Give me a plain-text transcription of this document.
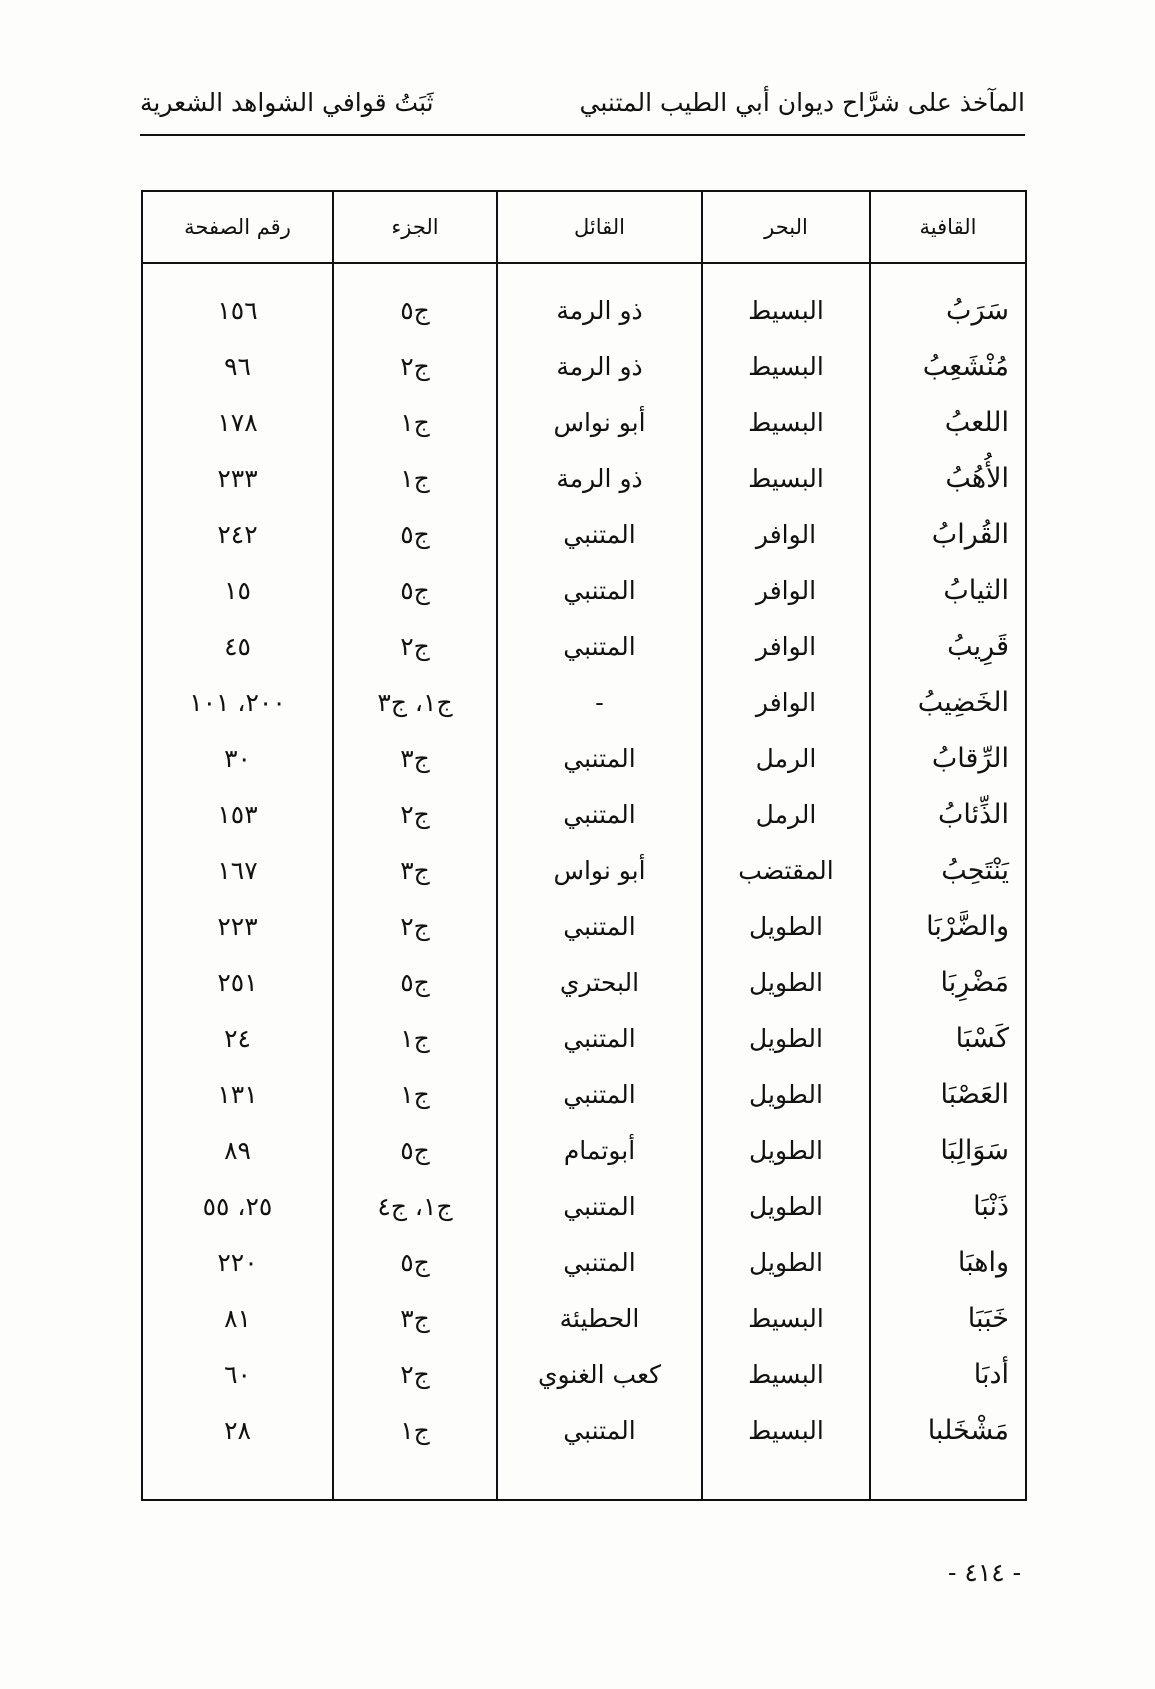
المآخذ على شرَّاح ديوان أبي الطيب المتنبي
ثَبَتُ قوافي الشواهد الشعرية
القافية	البحر	القائل	الجزء	رقم الصفحة

سَرَبُ	البسيط	ذو الرمة	ج٥	١٥٦
مُنْشَعِبُ	البسيط	ذو الرمة	ج٢	٩٦
اللعبُ	البسيط	أبو نواس	ج١	١٧٨
الأُهُبُ	البسيط	ذو الرمة	ج١	٢٣٣
القُرابُ	الوافر	المتنبي	ج٥	٢٤٢
الثيابُ	الوافر	المتنبي	ج٥	١٥
قَرِيبُ	الوافر	المتنبي	ج٢	٤٥
الخَضِيبُ	الوافر	-	ج١، ج٣	٢٠٠، ١٠١
الرِّقابُ	الرمل	المتنبي	ج٣	٣٠
الذِّئابُ	الرمل	المتنبي	ج٢	١٥٣
يَنْتَحِبُ	المقتضب	أبو نواس	ج٣	١٦٧
والضَّرْبَا	الطويل	المتنبي	ج٢	٢٢٣
مَضْرِبَا	الطويل	البحتري	ج٥	٢٥١
كَسْبَا	الطويل	المتنبي	ج١	٢٤
العَصْبَا	الطويل	المتنبي	ج١	١٣١
سَوَالِبَا	الطويل	أبوتمام	ج٥	٨٩
ذَنْبَا	الطويل	المتنبي	ج١، ج٤	٢٥، ٥٥
واهبَا	الطويل	المتنبي	ج٥	٢٢٠
خَبَبَا	البسيط	الحطيئة	ج٣	٨١
أدبَا	البسيط	كعب الغنوي	ج٢	٦٠
مَشْخَلبا	البسيط	المتنبي	ج١	٢٨

- ٤١٤ -
